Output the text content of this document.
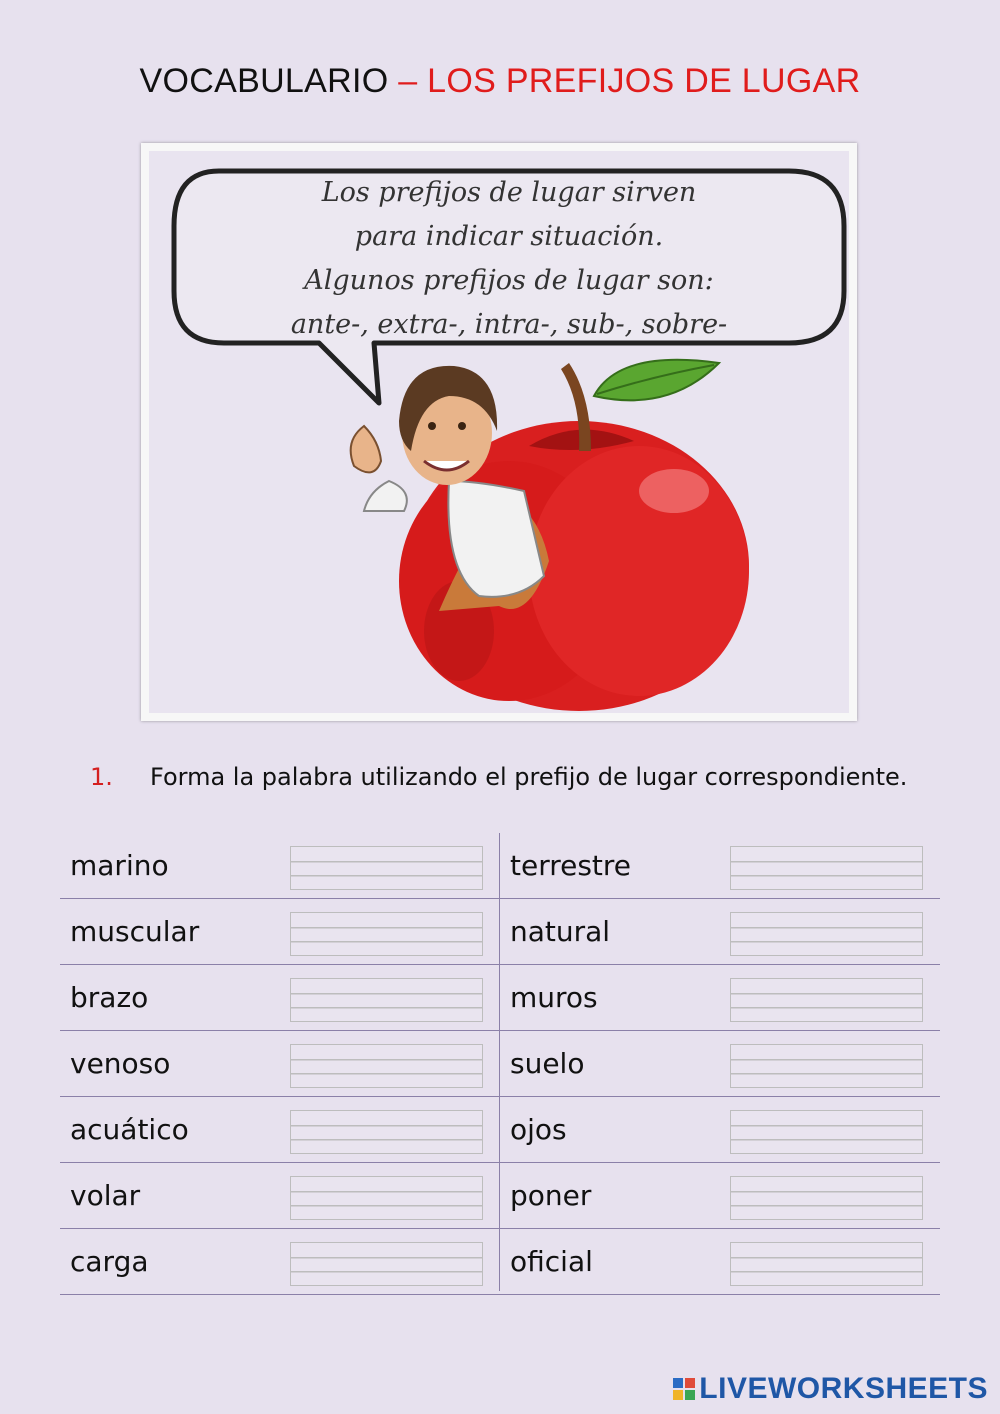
VOCABULARIO – LOS PREFIJOS DE LUGAR
Los prefijos de lugar sirven
para indicar situación.
Algunos prefijos de lugar son:
ante-, extra-, intra-, sub-, sobre-
1. Forma la palabra utilizando el prefijo de lugar correspondiente.
marino	terrestre
muscular	natural
brazo	muros
venoso	suelo
acuático	ojos
volar	poner
carga	oficial
LIVEWORKSHEETS
